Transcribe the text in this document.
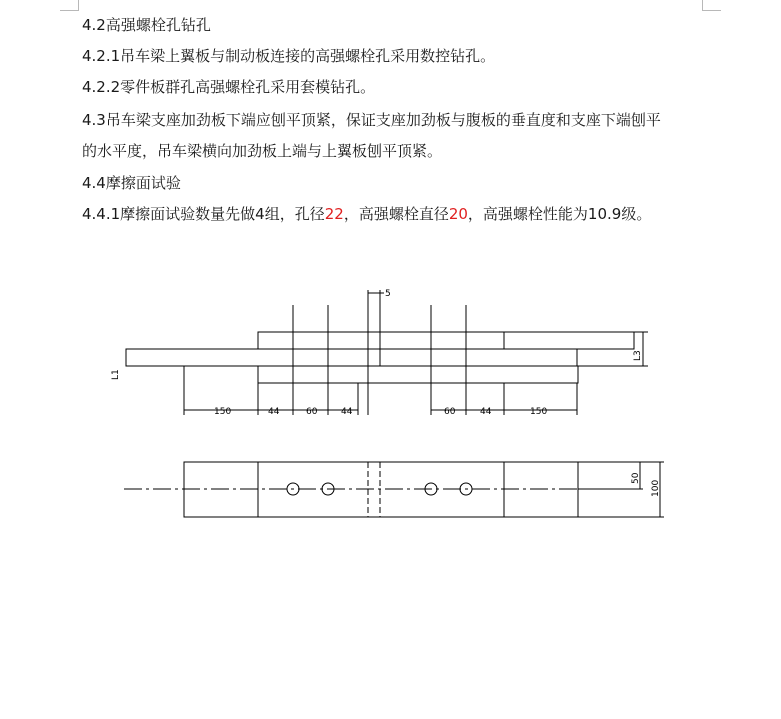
4.2高强螺栓孔钻孔
4.2.1吊车梁上翼板与制动板连接的高强螺栓孔采用数控钻孔。
4.2.2零件板群孔高强螺栓孔采用套模钻孔。
4.3吊车梁支座加劲板下端应刨平顶紧，保证支座加劲板与腹板的垂直度和支座下端刨平
的水平度，吊车梁横向加劲板上端与上翼板刨平顶紧。
4.4摩擦面试验
4.4.1摩擦面试验数量先做4组，孔径22，高强螺栓直径20，高强螺栓性能为10.9级。
5
L1
L3
150	44	60	44	60	44	150
50
100
